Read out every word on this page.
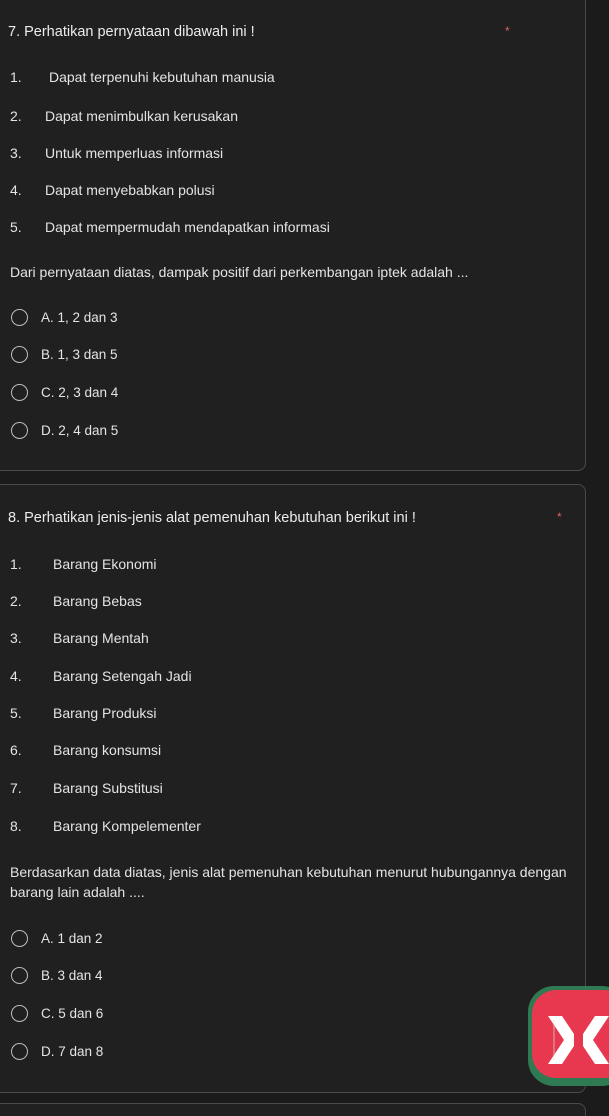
7. Perhatikan pernyataan dibawah ini !	*
1. Dapat terpenuhi kebutuhan manusia
2. Dapat menimbulkan kerusakan
3. Untuk memperluas informasi
4. Dapat menyebabkan polusi
5. Dapat mempermudah mendapatkan informasi
Dari pernyataan diatas, dampak positif dari perkembangan iptek adalah ...
A. 1, 2 dan 3
B. 1, 3 dan 5
C. 2, 3 dan 4
D. 2, 4 dan 5
8. Perhatikan jenis-jenis alat pemenuhan kebutuhan berikut ini !	*
1. Barang Ekonomi
2. Barang Bebas
3. Barang Mentah
4. Barang Setengah Jadi
5. Barang Produksi
6. Barang konsumsi
7. Barang Substitusi
8. Barang Kompelementer
Berdasarkan data diatas, jenis alat pemenuhan kebutuhan menurut hubungannya dengan barang lain adalah ....
A. 1 dan 2
B. 3 dan 4
C. 5 dan 6
D. 7 dan 8
